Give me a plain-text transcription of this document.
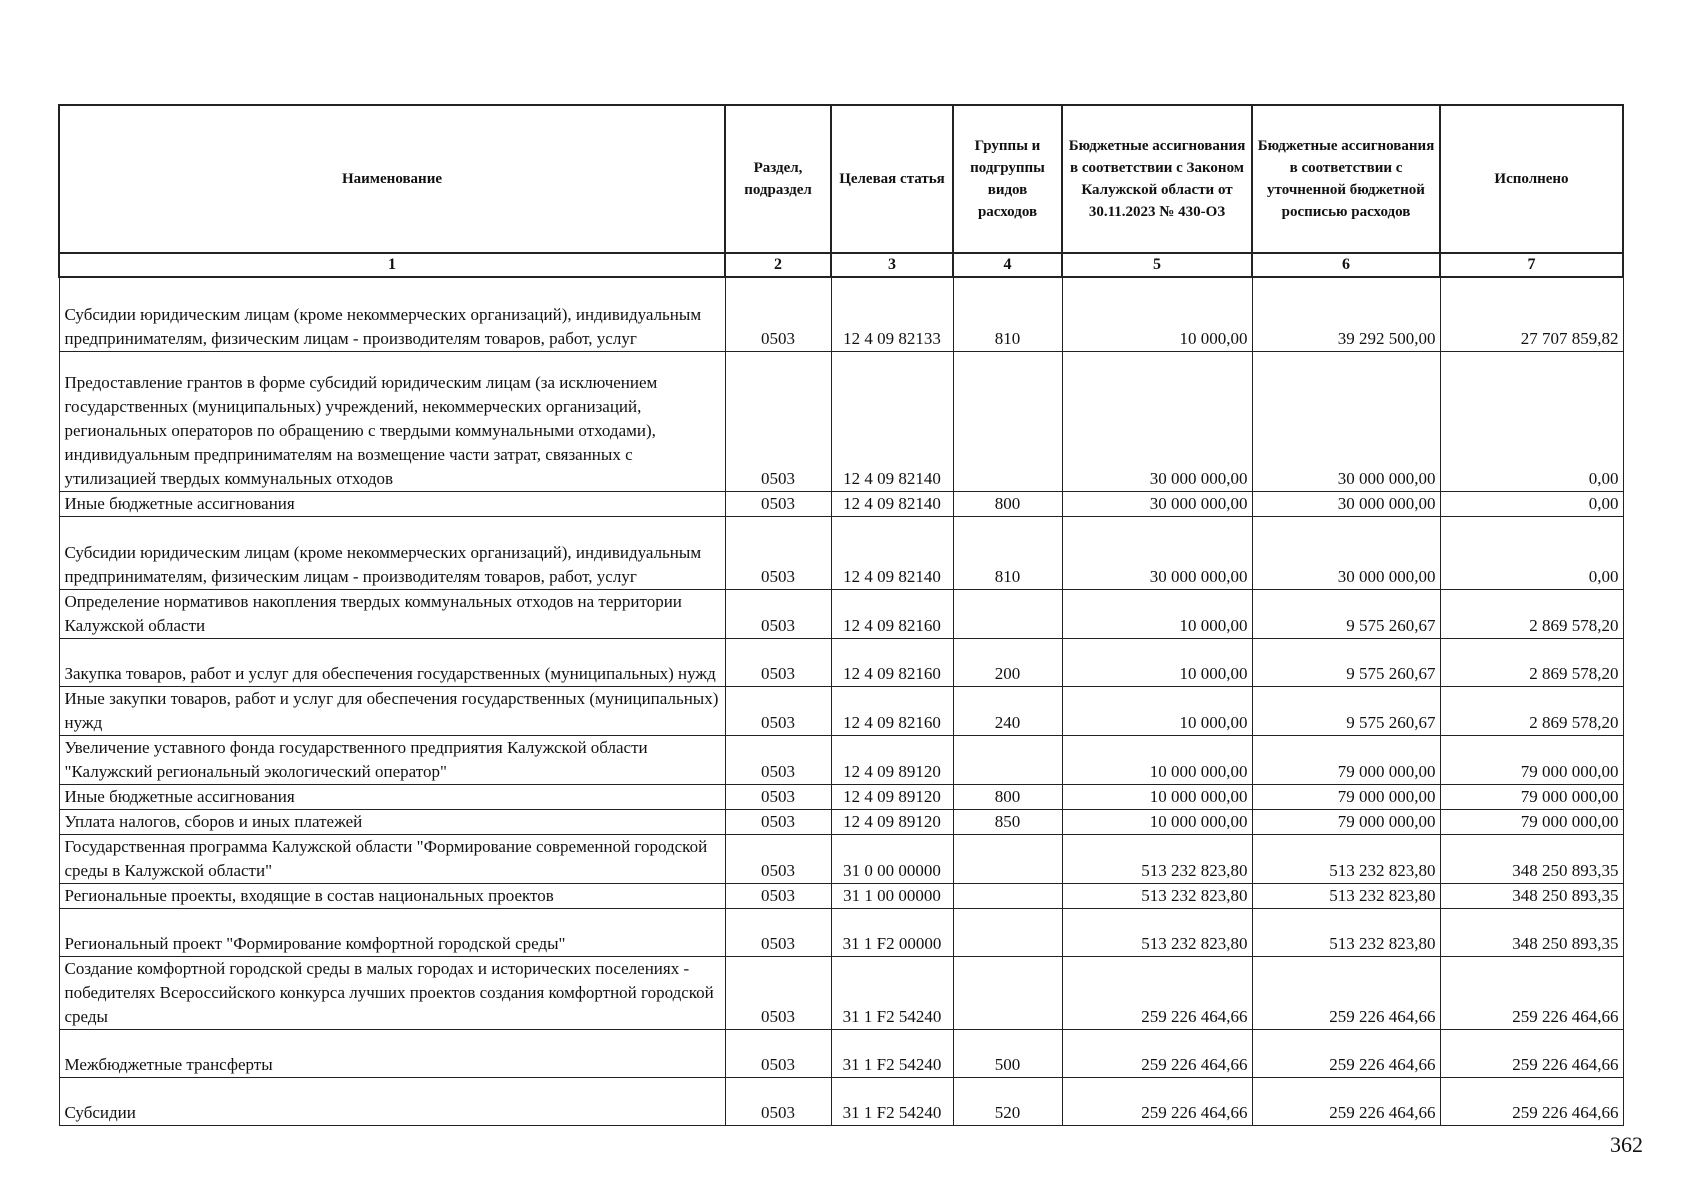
Наименование	Раздел, подраздел	Целевая статья	Группы и подгруппы видов расходов	Бюджетные ассигнования в соответствии с Законом Калужской области от 30.11.2023 № 430-ОЗ	Бюджетные ассигнования в соответствии с уточненной бюджетной росписью расходов	Исполнено
1	2	3	4	5	6	7
Субсидии юридическим лицам (кроме некоммерческих организаций), индивидуальным предпринимателям, физическим лицам - производителям товаров, работ, услуг	0503	12 4 09 82133	810	10 000,00	39 292 500,00	27 707 859,82
Предоставление грантов в форме субсидий юридическим лицам (за исключением государственных (муниципальных) учреждений, некоммерческих организаций, региональных операторов по обращению с твердыми коммунальными отходами), индивидуальным предпринимателям на возмещение части затрат, связанных с утилизацией твердых коммунальных отходов	0503	12 4 09 82140		30 000 000,00	30 000 000,00	0,00
Иные бюджетные ассигнования	0503	12 4 09 82140	800	30 000 000,00	30 000 000,00	0,00
Субсидии юридическим лицам (кроме некоммерческих организаций), индивидуальным предпринимателям, физическим лицам - производителям товаров, работ, услуг	0503	12 4 09 82140	810	30 000 000,00	30 000 000,00	0,00
Определение нормативов накопления твердых коммунальных отходов на территории Калужской области	0503	12 4 09 82160		10 000,00	9 575 260,67	2 869 578,20
Закупка товаров, работ и услуг для обеспечения государственных (муниципальных) нужд	0503	12 4 09 82160	200	10 000,00	9 575 260,67	2 869 578,20
Иные закупки товаров, работ и услуг для обеспечения государственных (муниципальных) нужд	0503	12 4 09 82160	240	10 000,00	9 575 260,67	2 869 578,20
Увеличение уставного фонда государственного предприятия Калужской области "Калужский региональный экологический оператор"	0503	12 4 09 89120		10 000 000,00	79 000 000,00	79 000 000,00
Иные бюджетные ассигнования	0503	12 4 09 89120	800	10 000 000,00	79 000 000,00	79 000 000,00
Уплата налогов, сборов и иных платежей	0503	12 4 09 89120	850	10 000 000,00	79 000 000,00	79 000 000,00
Государственная программа Калужской области "Формирование современной городской среды в Калужской области"	0503	31 0 00 00000		513 232 823,80	513 232 823,80	348 250 893,35
Региональные проекты, входящие в состав национальных проектов	0503	31 1 00 00000		513 232 823,80	513 232 823,80	348 250 893,35
Региональный проект "Формирование комфортной городской среды"	0503	31 1 F2 00000		513 232 823,80	513 232 823,80	348 250 893,35
Создание комфортной городской среды в малых городах и исторических поселениях - победителях Всероссийского конкурса лучших проектов создания комфортной городской среды	0503	31 1 F2 54240		259 226 464,66	259 226 464,66	259 226 464,66
Межбюджетные трансферты	0503	31 1 F2 54240	500	259 226 464,66	259 226 464,66	259 226 464,66
Субсидии	0503	31 1 F2 54240	520	259 226 464,66	259 226 464,66	259 226 464,66
362
